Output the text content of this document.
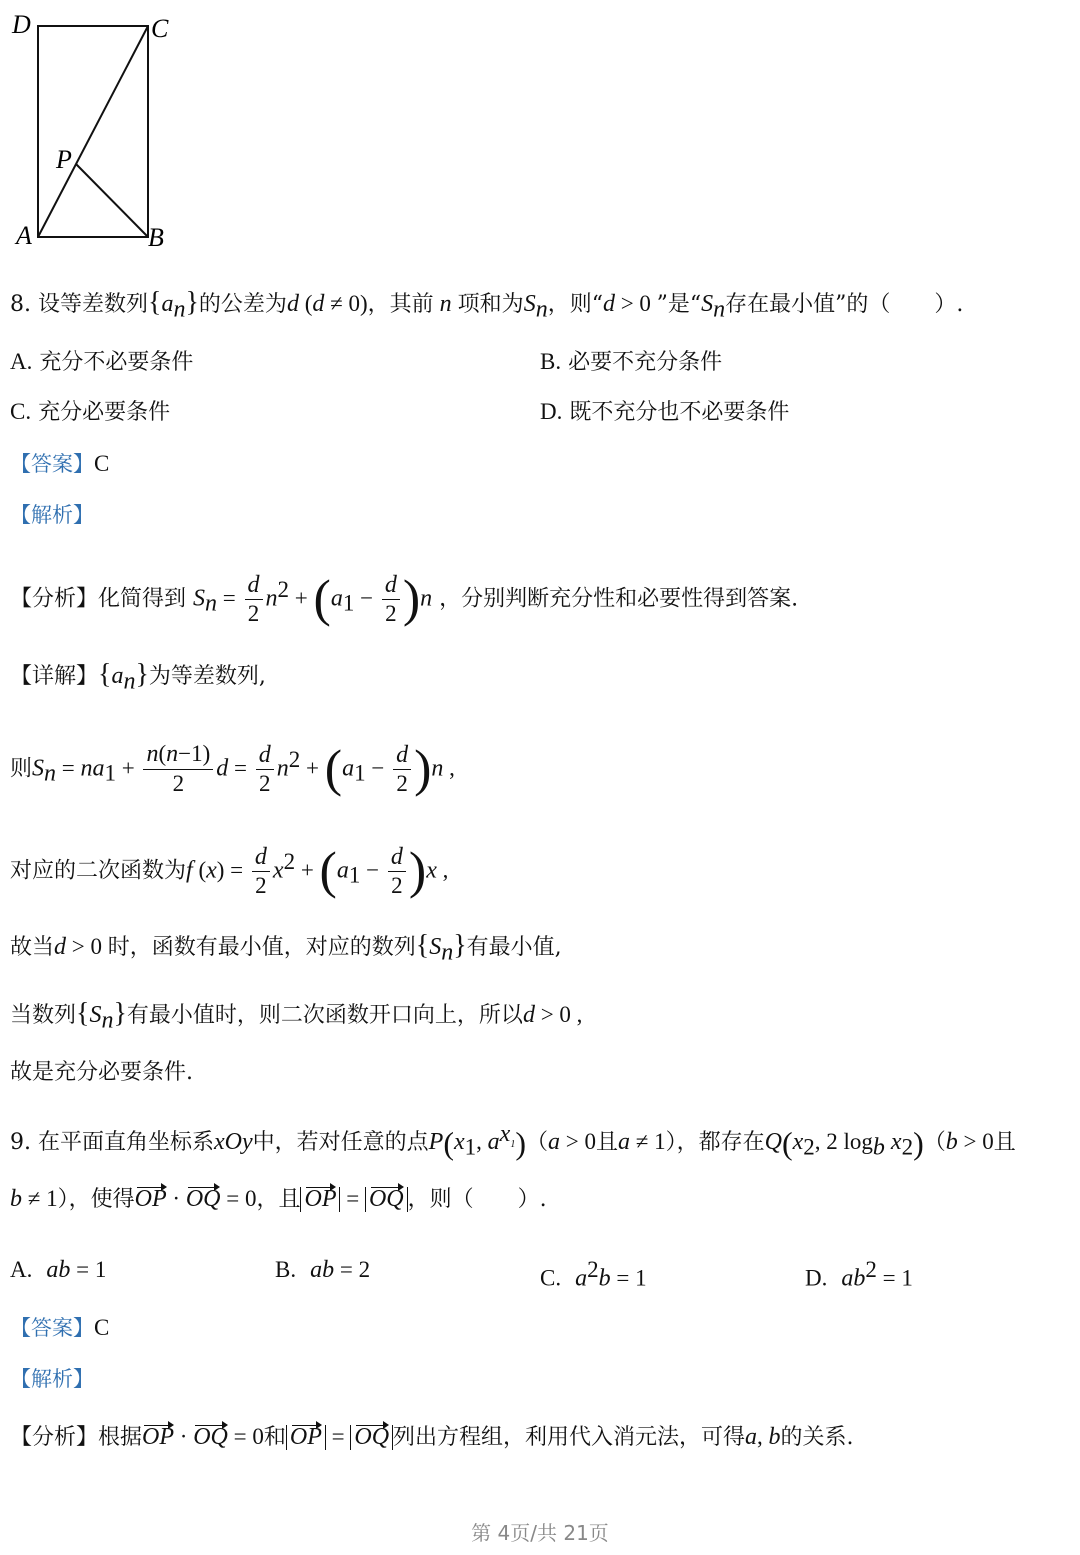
D	C
P
A	B
8. 设等差数列$\{a_n\}$的公差为d (d ≠ 0)，其前 n 项和为$S_n$，则“d > 0 ”是“$S_n$存在最小值”的（　　）.
A. 充分不必要条件	B. 必要不充分条件
C. 充分必要条件	D. 既不充分也不必要条件
【答案】C
【解析】
【分析】化简得到 $S_n = \frac{d}{2} n^2 + (a_1 - \frac{d}{2} )n$ ，分别判断充分性和必要性得到答案.
【详解】$\{a_n\}$为等差数列,
则$S_n = na_1 + \frac{n(n-1)}{2}$ $d = \frac{d}{2} n^2 + (a_1 - \frac{d}{2} )n$ ,
对应的二次函数为f $(x) = \frac{d}{2} x^2 + (a_1 - \frac{d}{2} )x$ ,
故当d > 0 时，函数有最小值，对应的数列$\{S_n\}$有最小值,
当数列$\{S_n\}$有最小值时，则二次函数开口向上，所以d > 0 ,
故是充分必要条件.
9. 在平面直角坐标系xOy中，若对任意的点$P(x_1$, $a^{x_1})(a > 0$且a ≠ 1），都存在$Q(x_2$, 2 $\log_b x_2)(b > 0$且
b ≠ 1），使得OP · OQ = 0，且 OP = OQ ，则（　　）.
A. ab = 1	B. ab = 2	C. $a^2b = 1$	D. $ab^2 = 1$
【答案】C
【解析】
【分析】根据OP · OQ = 0和 OP = OQ 列出方程组，利用代入消元法，可得a, b的关系.
第 4页/共 21页
